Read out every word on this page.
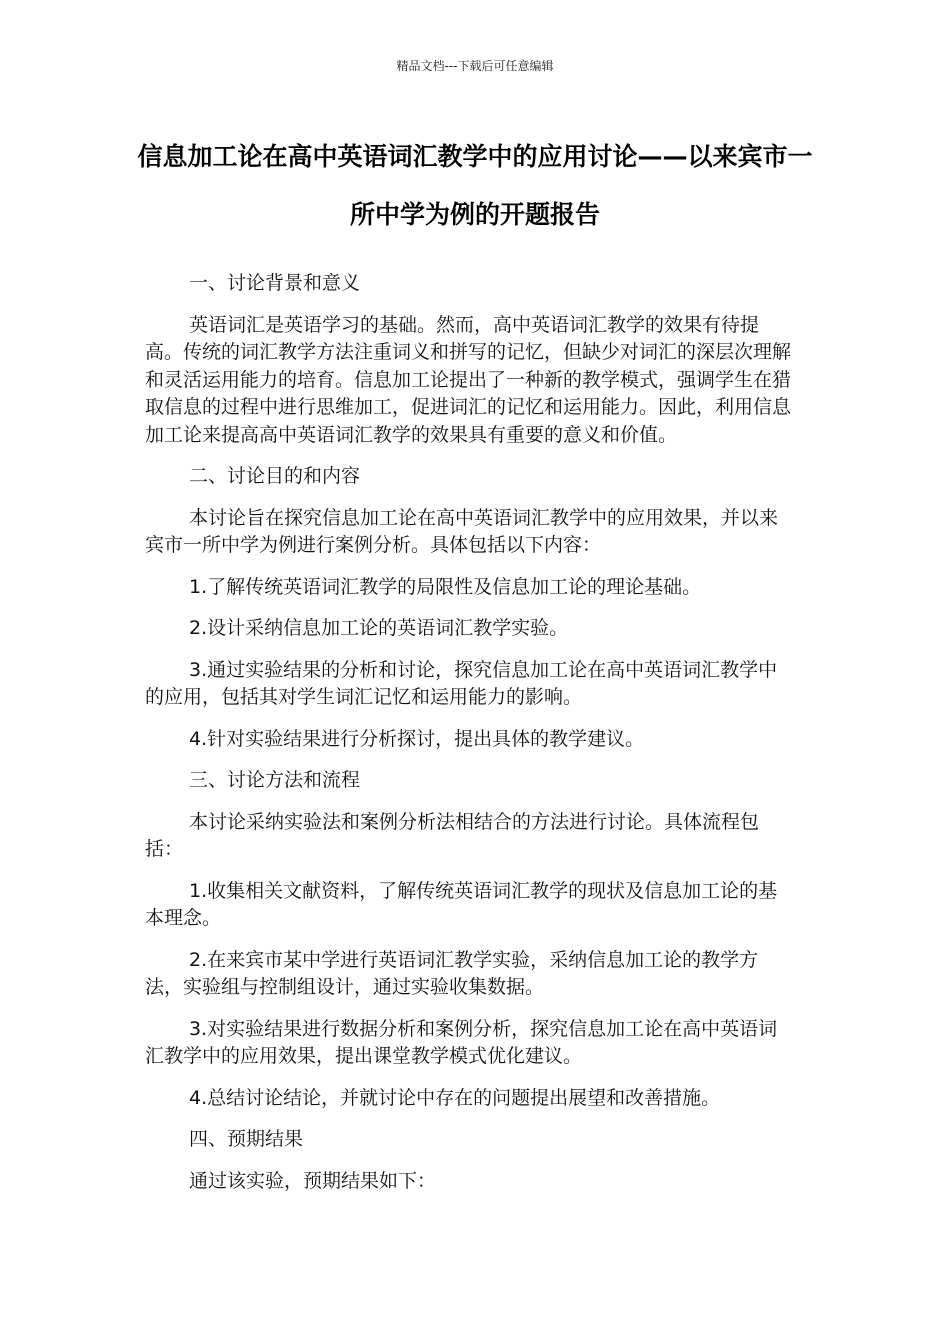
精品文档---下载后可任意编辑
信息加工论在高中英语词汇教学中的应用讨论——以来宾市一所中学为例的开题报告

一、讨论背景和意义

英语词汇是英语学习的基础。然而，高中英语词汇教学的效果有待提高。传统的词汇教学方法注重词义和拼写的记忆，但缺少对词汇的深层次理解和灵活运用能力的培育。信息加工论提出了一种新的教学模式，强调学生在猎取信息的过程中进行思维加工，促进词汇的记忆和运用能力。因此，利用信息加工论来提高高中英语词汇教学的效果具有重要的意义和价值。

二、讨论目的和内容

本讨论旨在探究信息加工论在高中英语词汇教学中的应用效果，并以来宾市一所中学为例进行案例分析。具体包括以下内容：

1.了解传统英语词汇教学的局限性及信息加工论的理论基础。

2.设计采纳信息加工论的英语词汇教学实验。

3.通过实验结果的分析和讨论，探究信息加工论在高中英语词汇教学中的应用，包括其对学生词汇记忆和运用能力的影响。

4.针对实验结果进行分析探讨，提出具体的教学建议。

三、讨论方法和流程

本讨论采纳实验法和案例分析法相结合的方法进行讨论。具体流程包括：

1.收集相关文献资料，了解传统英语词汇教学的现状及信息加工论的基本理念。

2.在来宾市某中学进行英语词汇教学实验，采纳信息加工论的教学方法，实验组与控制组设计，通过实验收集数据。

3.对实验结果进行数据分析和案例分析，探究信息加工论在高中英语词汇教学中的应用效果，提出课堂教学模式优化建议。

4.总结讨论结论，并就讨论中存在的问题提出展望和改善措施。

四、预期结果

通过该实验，预期结果如下：
